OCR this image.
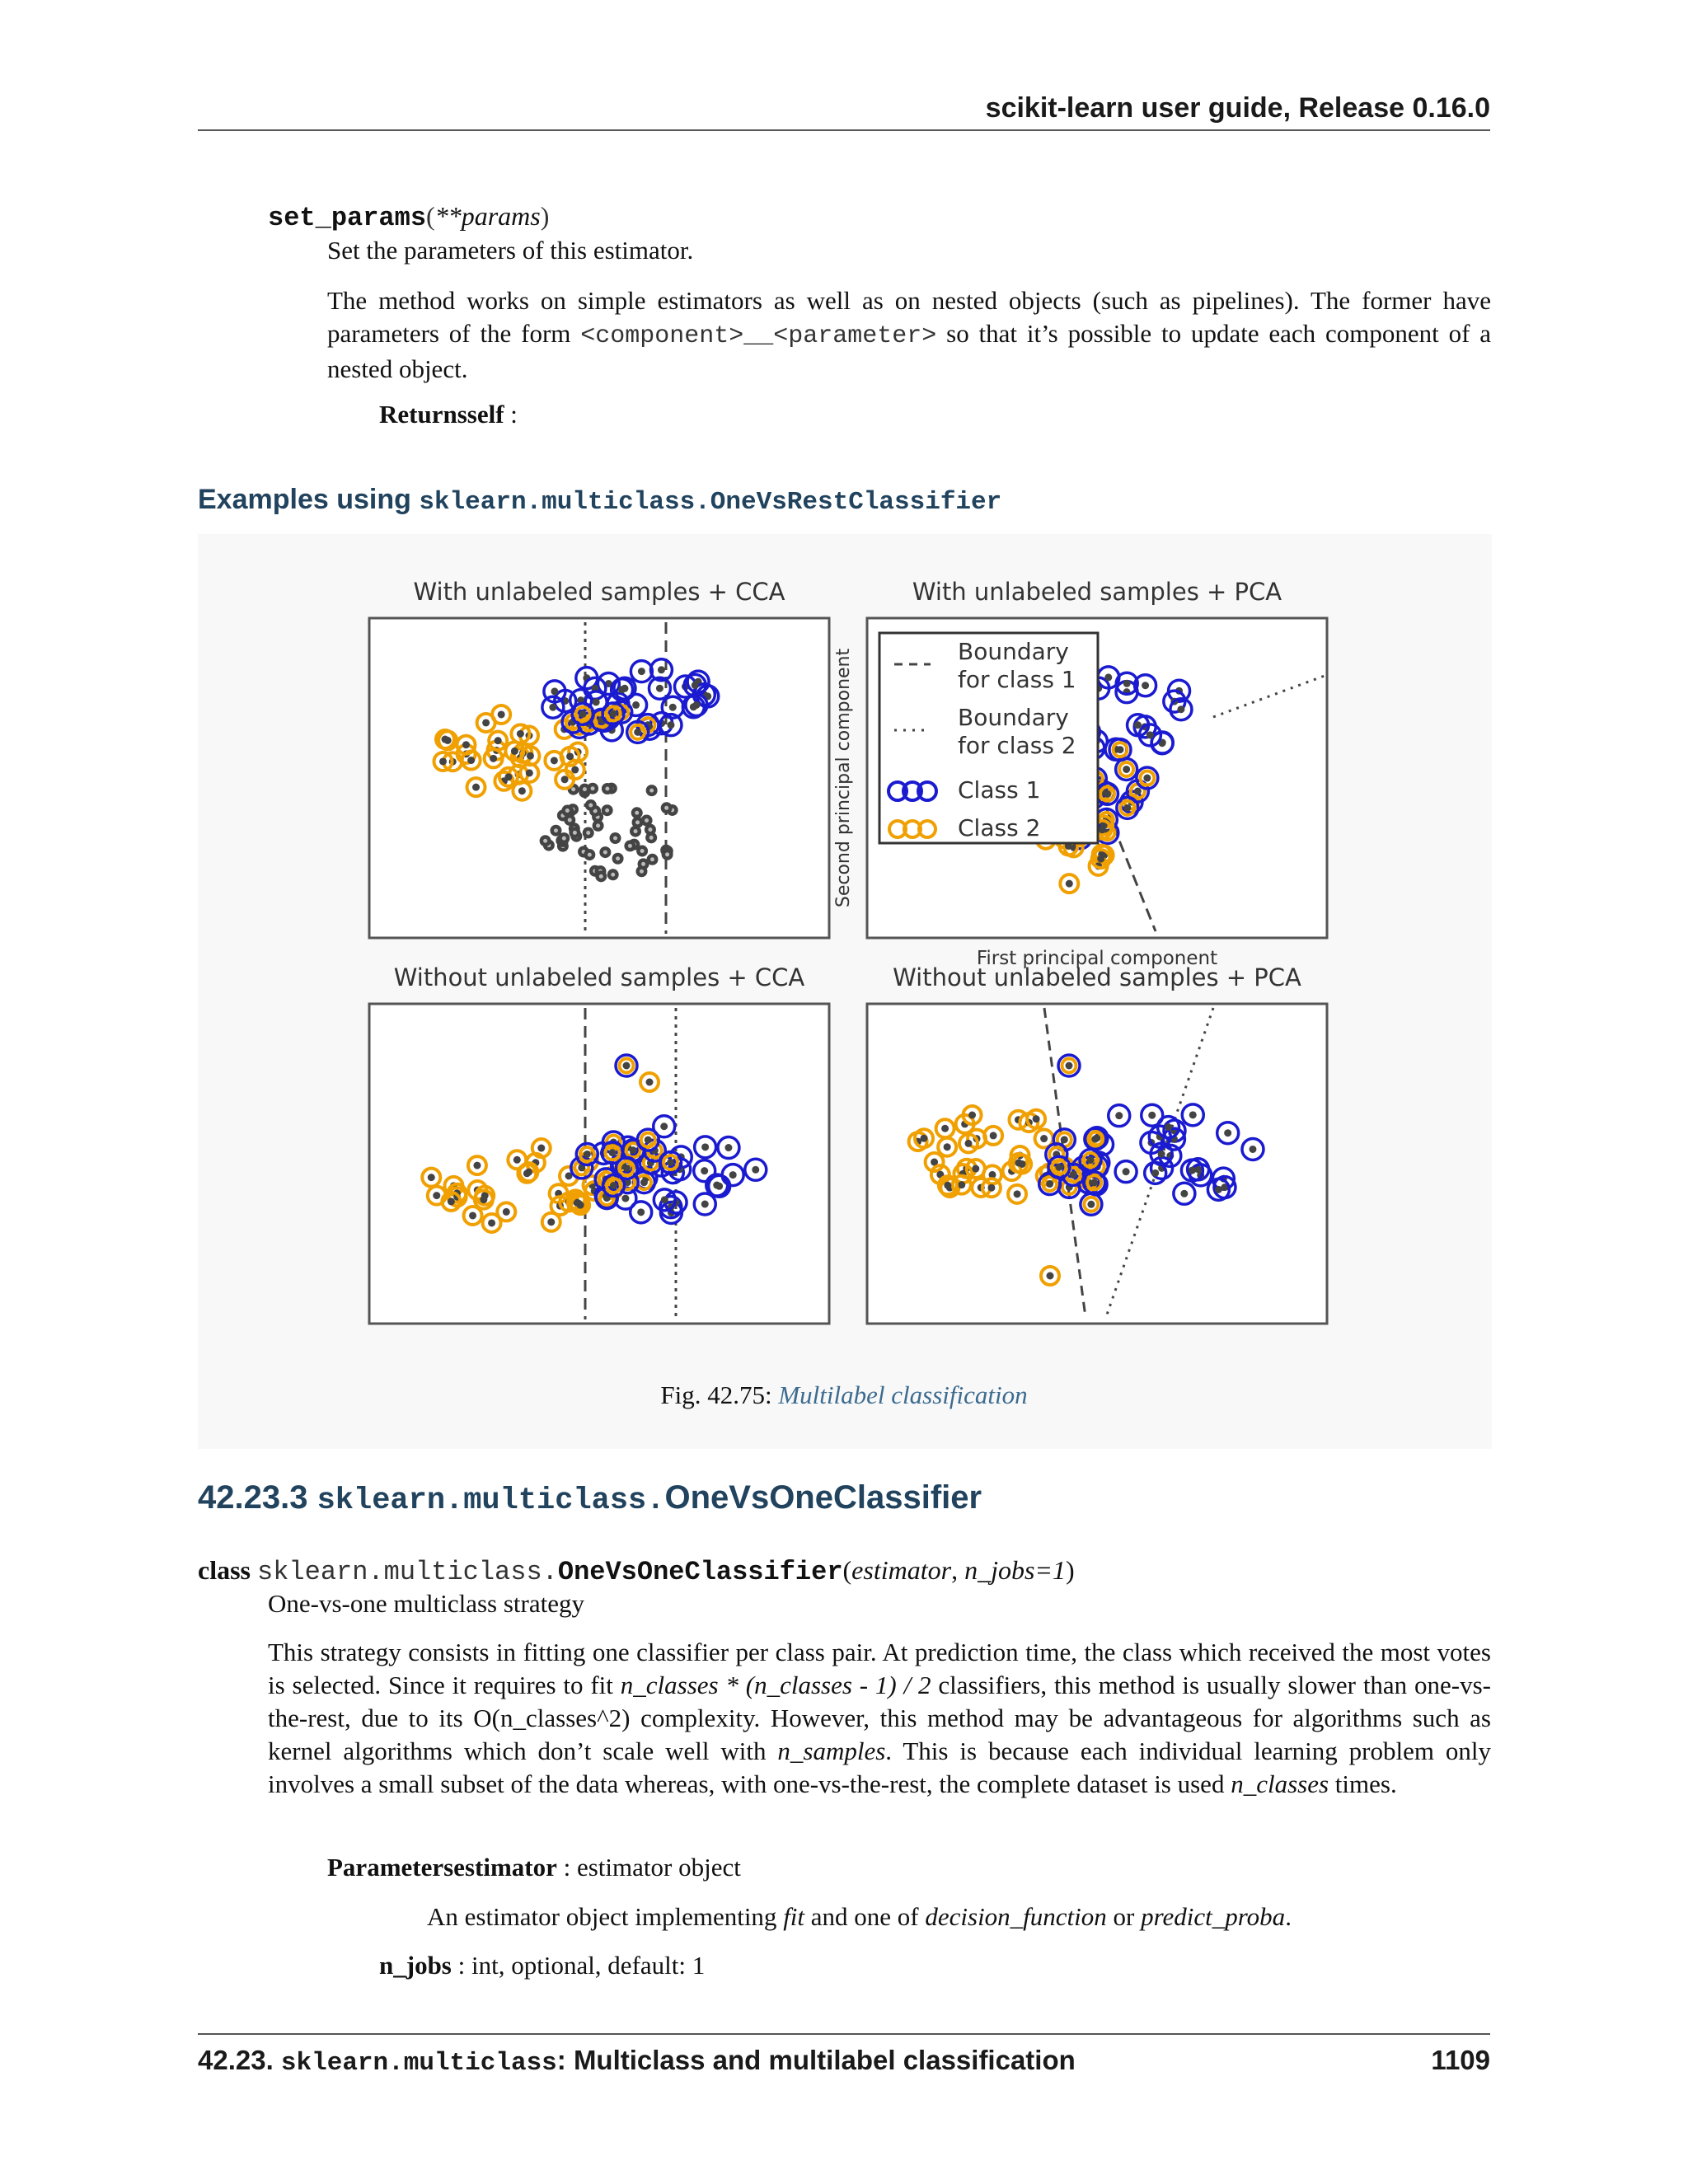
scikit-learn user guide, Release 0.16.0
set_params(**params)
Set the parameters of this estimator.
The method works on simple estimators as well as on nested objects (such as pipelines). The former have parameters of the form <component>__<parameter> so that it’s possible to update each component of a nested object.
Returnsself :
Examples using sklearn.multiclass.OneVsRestClassifier
With unlabeled samples + CCA	With unlabeled samples + PCA
Without unlabeled samples + CCA	Without unlabeled samples + PCA
Second principal component
First principal component
Boundary
for class 1
Boundary
for class 2
Class 1
Class 2
Fig. 42.75: Multilabel classification
42.23.3 sklearn.multiclass.OneVsOneClassifier
class sklearn.multiclass.OneVsOneClassifier(estimator, n_jobs=1)
One-vs-one multiclass strategy
This strategy consists in fitting one classifier per class pair. At prediction time, the class which received the most votes is selected. Since it requires to fit n_classes * (n_classes - 1) / 2 classifiers, this method is usually slower than one-vs-the-rest, due to its O(n_classes^2) complexity. However, this method may be advantageous for algorithms such as kernel algorithms which don’t scale well with n_samples. This is because each individual learning problem only involves a small subset of the data whereas, with one-vs-the-rest, the complete dataset is used n_classes times.
Parametersestimator : estimator object
An estimator object implementing fit and one of decision_function or predict_proba.
n_jobs : int, optional, default: 1
42.23. sklearn.multiclass: Multiclass and multilabel classification	1109
